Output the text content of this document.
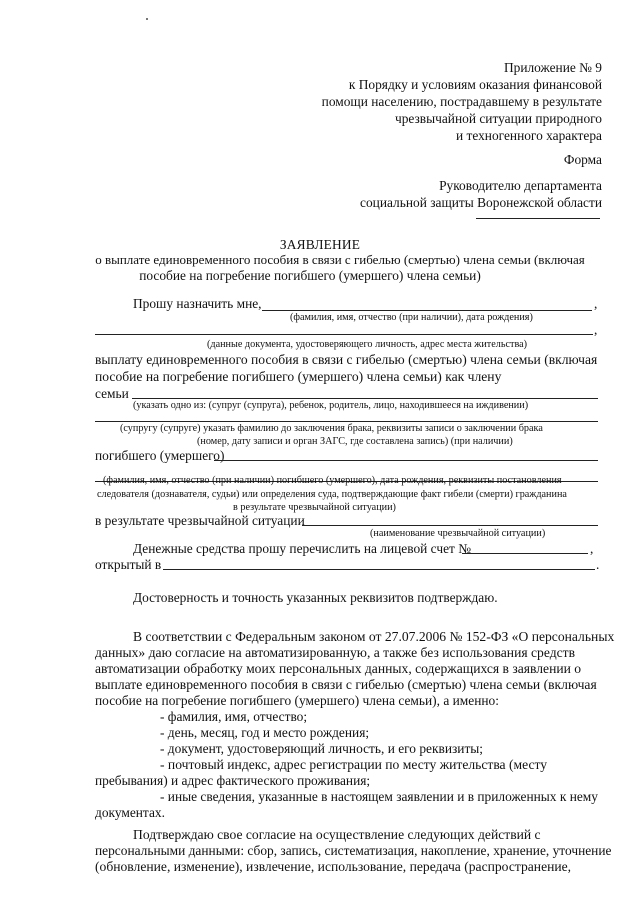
Приложение № 9
к Порядку и условиям оказания финансовой
помощи населению, пострадавшему в результате
чрезвычайной ситуации природного
и техногенного характера
Форма
Руководителю департамента
социальной защиты Воронежской области
ЗАЯВЛЕНИЕ
о выплате единовременного пособия в связи с гибелью (смертью) члена семьи (включая
пособие на погребение погибшего (умершего) члена семьи)
Прошу назначить мне,	,
(фамилия, имя, отчество (при наличии), дата рождения)
,
(данные документа, удостоверяющего личность, адрес места жительства)
выплату единовременного пособия в связи с гибелью (смертью) члена семьи (включая
пособие на погребение погибшего (умершего) члена семьи) как члену
семьи
(указать одно из: (супруг (супруга), ребенок, родитель, лицо, находившееся на иждивении)
(супругу (супруге) указать фамилию до заключения брака, реквизиты записи о заключении брака
(номер, дату записи и орган ЗАГС, где составлена запись) (при наличии)
погибшего (умершего)
(фамилия, имя, отчество (при наличии) погибшего (умершего), дата рождения, реквизиты постановления
следователя (дознавателя, судьи) или определения суда, подтверждающие факт гибели (смерти) гражданина
в результате чрезвычайной ситуации)
в результате чрезвычайной ситуации
(наименование чрезвычайной ситуации)
Денежные средства прошу перечислить на лицевой счет №	,
открытый в	.
Достоверность и точность указанных реквизитов подтверждаю.
В соответствии с Федеральным законом от 27.07.2006 № 152-ФЗ «О персональных
данных» даю согласие на автоматизированную, а также без использования средств
автоматизации обработку моих персональных данных, содержащихся в заявлении о
выплате единовременного пособия в связи с гибелью (смертью) члена семьи (включая
пособие на погребение погибшего (умершего) члена семьи), а именно:
- фамилия, имя, отчество;
- день, месяц, год и место рождения;
- документ, удостоверяющий личность, и его реквизиты;
- почтовый индекс, адрес регистрации по месту жительства (месту
пребывания) и адрес фактического проживания;
- иные сведения, указанные в настоящем заявлении и в приложенных к нему
документах.
Подтверждаю свое согласие на осуществление следующих действий с
персональными данными: сбор, запись, систематизация, накопление, хранение, уточнение
(обновление, изменение), извлечение, использование, передача (распространение,
